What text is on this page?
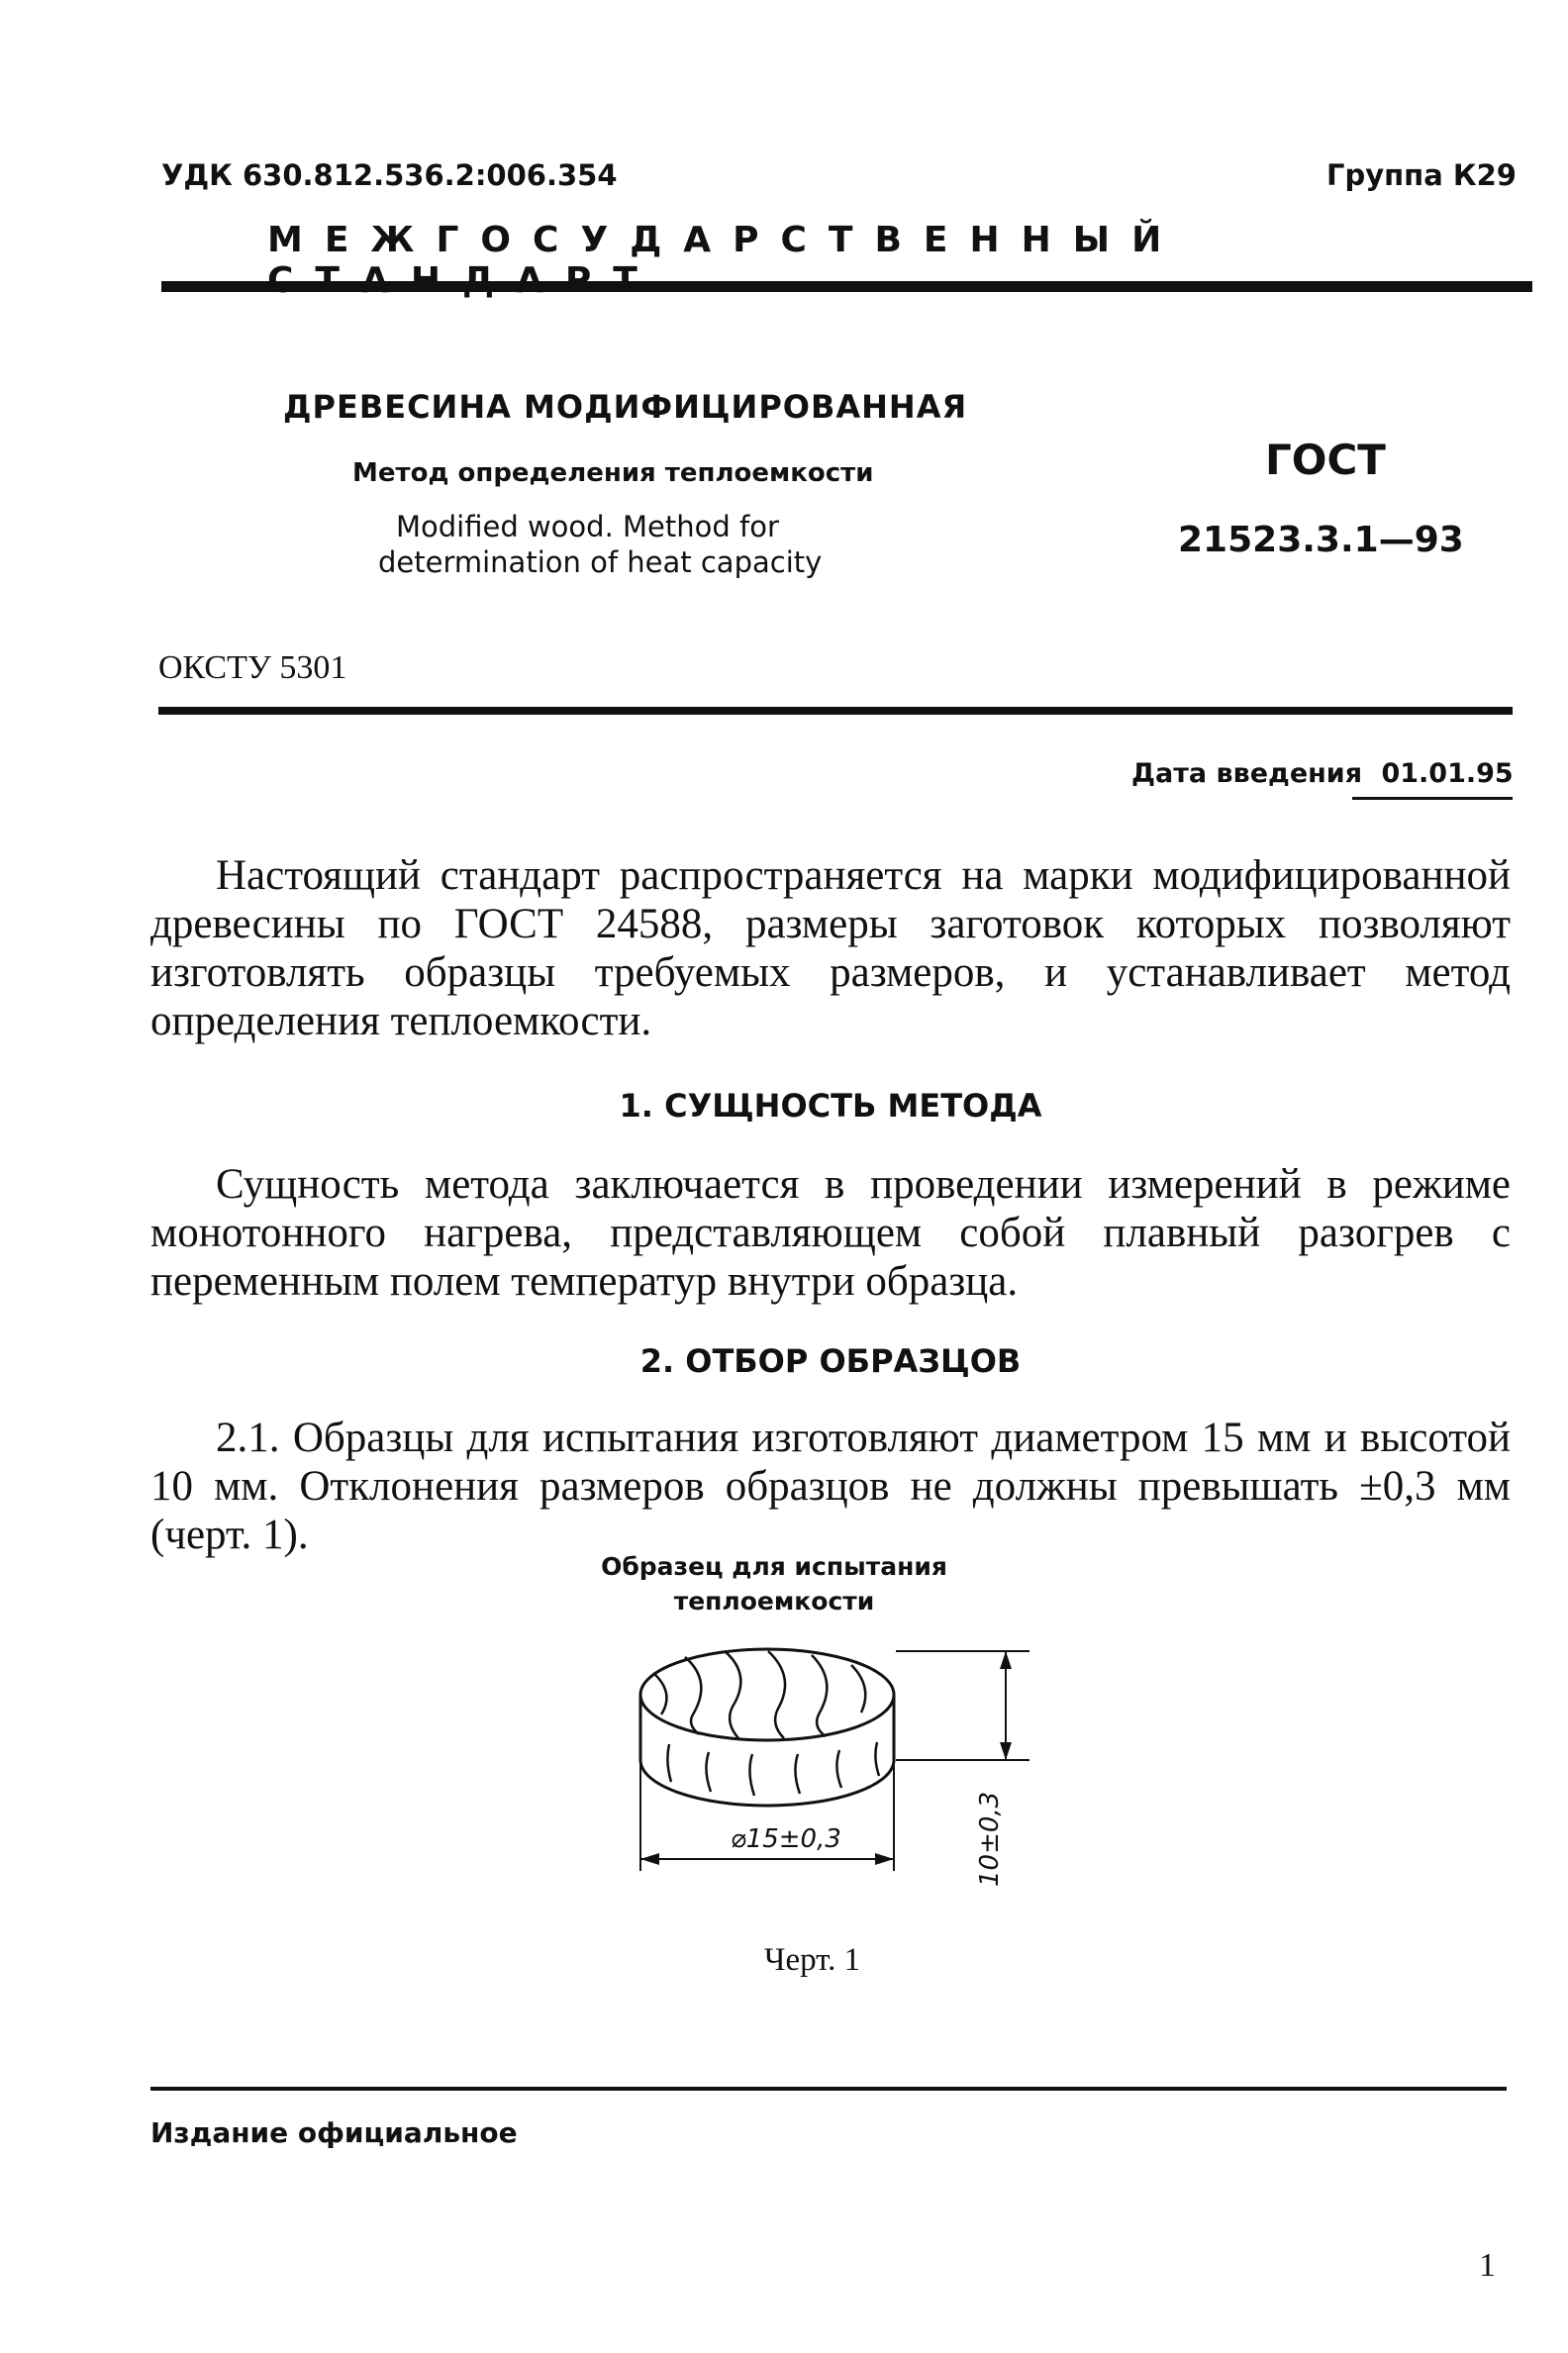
УДК 630.812.536.2:006.354	Группа К29
МЕЖГОСУДАРСТВЕННЫЙ
ДРЕВЕСИНА МОДИФИЦИРОВАННАЯ
Метод определения теплоемкости
Modified wood. Method for
determination of heat capacity
ГОСТ
21523.3.1—93
ОКСТУ 5301
Дата введения 01.01.95

Настоящий стандарт распространяется на марки модифицированной древесины по ГОСТ 24588, размеры заготовок которых позволяют изготовлять образцы требуемых размеров, и устанавливает метод определения теплоемкости.

1. СУЩНОСТЬ МЕТОДА

Сущность метода заключается в проведении измерений в режиме монотонного нагрева, представляющем собой плавный разогрев с переменным полем температур внутри образца.

2. ОТБОР ОБРАЗЦОВ

2.1. Образцы для испытания изготовляют диаметром 15 мм и высотой 10 мм. Отклонения размеров образцов не должны превышать ±0,3 мм (черт. 1).

Образец для испытания
теплоемкости
⌀15±0,3	10±0,3
Черт. 1
Издание официальное
1
